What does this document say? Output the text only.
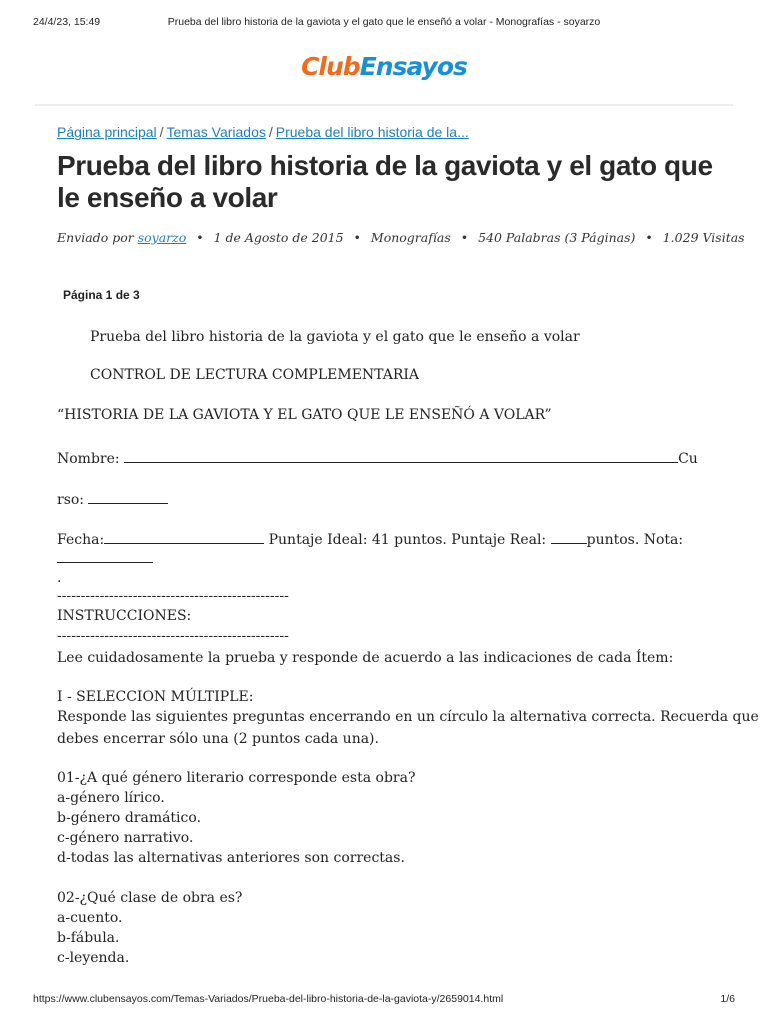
24/4/23, 15:49	Prueba del libro historia de la gaviota y el gato que le enseñó a volar - Monografías - soyarzo
ClubEnsayos
Página principal / Temas Variados / Prueba del libro historia de la...
Prueba del libro historia de la gaviota y el gato que le enseño a volar
Enviado por soyarzo • 1 de Agosto de 2015 • Monografías • 540 Palabras (3 Páginas) • 1.029 Visitas
Página 1 de 3
Prueba del libro historia de la gaviota y el gato que le enseño a volar
CONTROL DE LECTURA COMPLEMENTARIA
“HISTORIA DE LA GAVIOTA Y EL GATO QUE LE ENSEÑÓ A VOLAR”
Nombre:	Cu
rso:
Fecha:	Puntaje Ideal: 41 puntos. Puntaje Real:	puntos. Nota:
.
-------------------------------------------------
INSTRUCCIONES:
-------------------------------------------------
Lee cuidadosamente la prueba y responde de acuerdo a las indicaciones de cada Ítem:
I - SELECCION MÚLTIPLE:
Responde las siguientes preguntas encerrando en un círculo la alternativa correcta. Recuerda que
debes encerrar sólo una (2 puntos cada una).
01-¿A qué género literario corresponde esta obra?
a-género lírico.
b-género dramático.
c-género narrativo.
d-todas las alternativas anteriores son correctas.
02-¿Qué clase de obra es?
a-cuento.
b-fábula.
c-leyenda.
https://www.clubensayos.com/Temas-Variados/Prueba-del-libro-historia-de-la-gaviota-y/2659014.html	1/6
